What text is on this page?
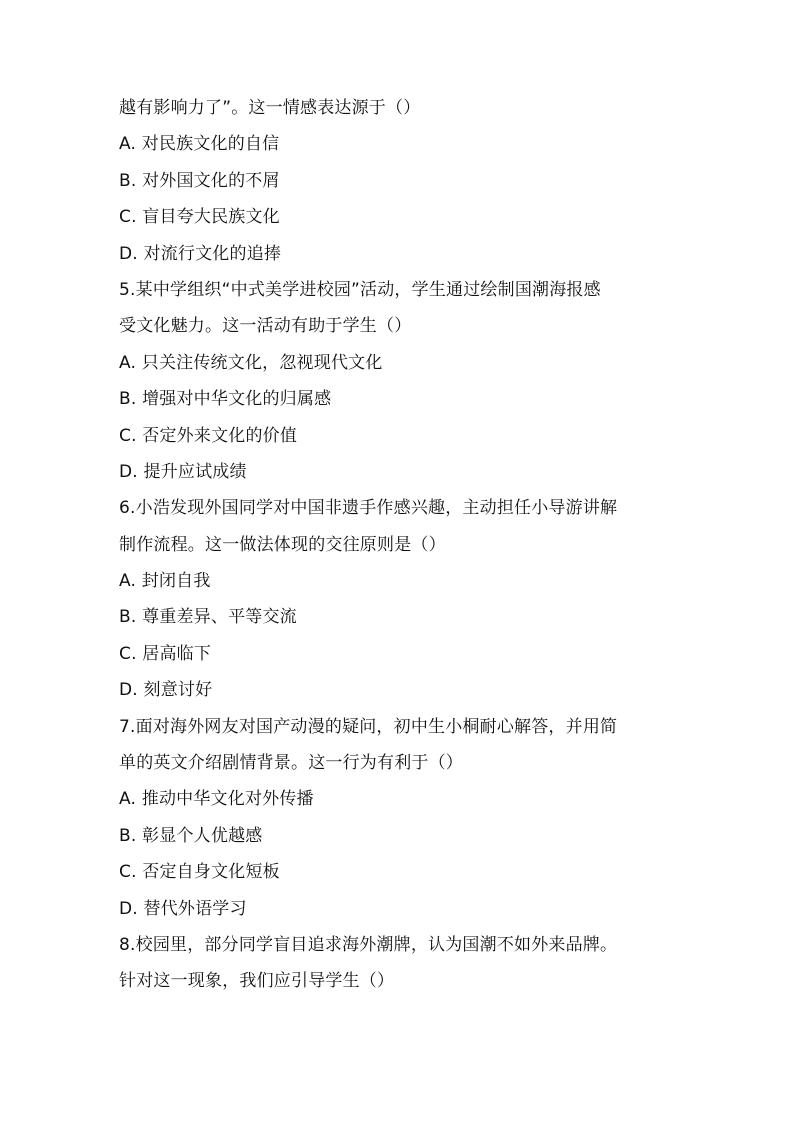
越有影响力了”。这一情感表达源于（）
A. 对民族文化的自信
B. 对外国文化的不屑
C. 盲目夸大民族文化
D. 对流行文化的追捧
5.某中学组织“中式美学进校园”活动，学生通过绘制国潮海报感
受文化魅力。这一活动有助于学生（）
A. 只关注传统文化，忽视现代文化
B. 增强对中华文化的归属感
C. 否定外来文化的价值
D. 提升应试成绩
6.小浩发现外国同学对中国非遗手作感兴趣，主动担任小导游讲解
制作流程。这一做法体现的交往原则是（）
A. 封闭自我
B. 尊重差异、平等交流
C. 居高临下
D. 刻意讨好
7.面对海外网友对国产动漫的疑问，初中生小桐耐心解答，并用简
单的英文介绍剧情背景。这一行为有利于（）
A. 推动中华文化对外传播
B. 彰显个人优越感
C. 否定自身文化短板
D. 替代外语学习
8.校园里，部分同学盲目追求海外潮牌，认为国潮不如外来品牌。
针对这一现象，我们应引导学生（）
